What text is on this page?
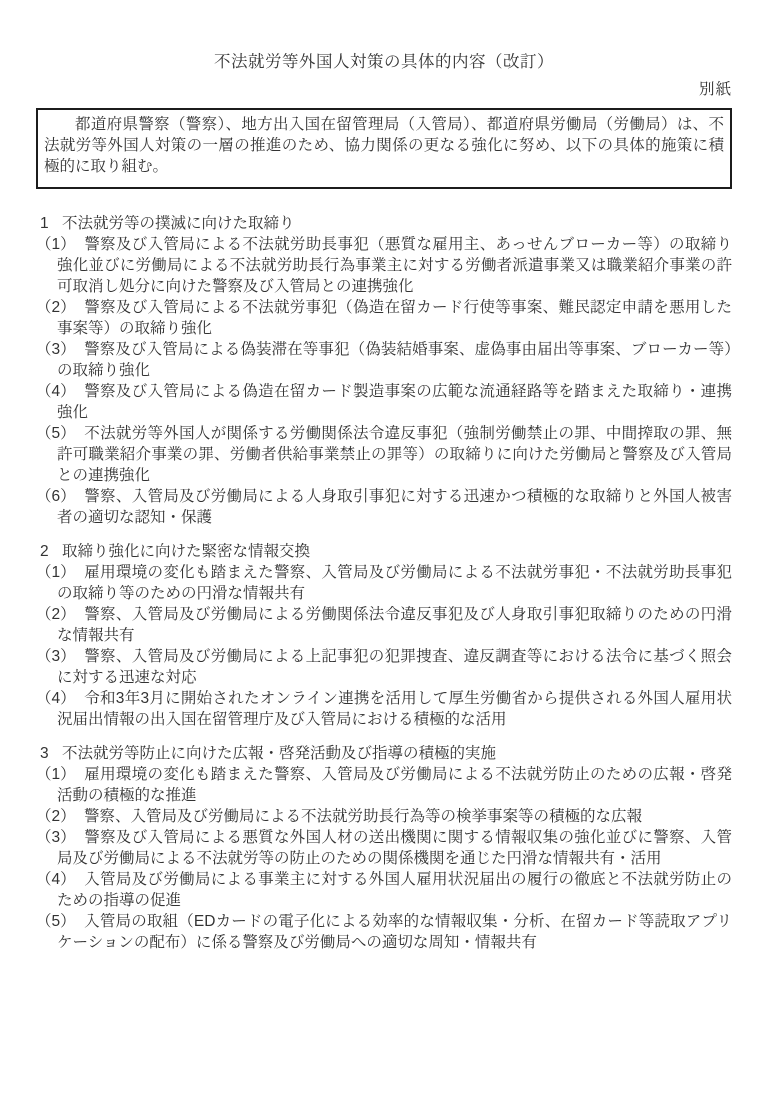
不法就労等外国人対策の具体的内容（改訂）
別紙
都道府県警察（警察）、地方出入国在留管理局（入管局）、都道府県労働局（労働局）は、不法就労等外国人対策の一層の推進のため、協力関係の更なる強化に努め、以下の具体的施策に積極的に取り組む。
1 不法就労等の撲滅に向けた取締り
（1） 警察及び入管局による不法就労助長事犯（悪質な雇用主、あっせんブローカー等）の取締り強化並びに労働局による不法就労助長行為事業主に対する労働者派遣事業又は職業紹介事業の許可取消し処分に向けた警察及び入管局との連携強化
（2） 警察及び入管局による不法就労事犯（偽造在留カード行使等事案、難民認定申請を悪用した事案等）の取締り強化
（3） 警察及び入管局による偽装滞在等事犯（偽装結婚事案、虚偽事由届出等事案、ブローカー等）の取締り強化
（4） 警察及び入管局による偽造在留カード製造事案の広範な流通経路等を踏まえた取締り・連携強化
（5） 不法就労等外国人が関係する労働関係法令違反事犯（強制労働禁止の罪、中間搾取の罪、無許可職業紹介事業の罪、労働者供給事業禁止の罪等）の取締りに向けた労働局と警察及び入管局との連携強化
（6） 警察、入管局及び労働局による人身取引事犯に対する迅速かつ積極的な取締りと外国人被害者の適切な認知・保護
2 取締り強化に向けた緊密な情報交換
（1） 雇用環境の変化も踏まえた警察、入管局及び労働局による不法就労事犯・不法就労助長事犯の取締り等のための円滑な情報共有
（2） 警察、入管局及び労働局による労働関係法令違反事犯及び人身取引事犯取締りのための円滑な情報共有
（3） 警察、入管局及び労働局による上記事犯の犯罪捜査、違反調査等における法令に基づく照会に対する迅速な対応
（4） 令和3年3月に開始されたオンライン連携を活用して厚生労働省から提供される外国人雇用状況届出情報の出入国在留管理庁及び入管局における積極的な活用
3 不法就労等防止に向けた広報・啓発活動及び指導の積極的実施
（1） 雇用環境の変化も踏まえた警察、入管局及び労働局による不法就労防止のための広報・啓発活動の積極的な推進
（2） 警察、入管局及び労働局による不法就労助長行為等の検挙事案等の積極的な広報
（3） 警察及び入管局による悪質な外国人材の送出機関に関する情報収集の強化並びに警察、入管局及び労働局による不法就労等の防止のための関係機関を通じた円滑な情報共有・活用
（4） 入管局及び労働局による事業主に対する外国人雇用状況届出の履行の徹底と不法就労防止のための指導の促進
（5） 入管局の取組（EDカードの電子化による効率的な情報収集・分析、在留カード等読取アプリケーションの配布）に係る警察及び労働局への適切な周知・情報共有
